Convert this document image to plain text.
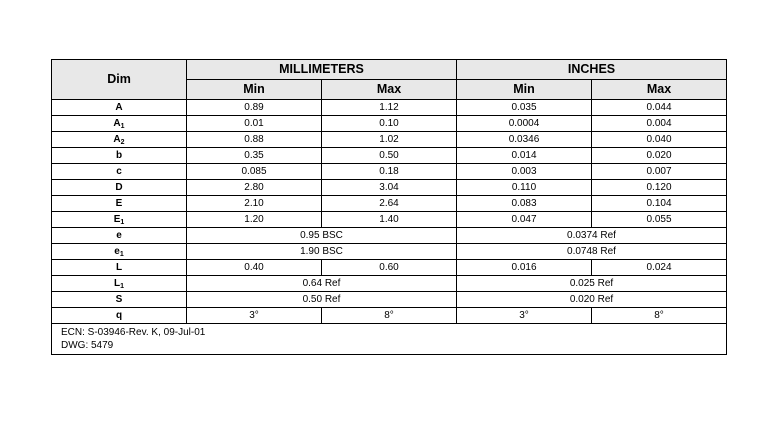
Dim	MILLIMETERS		INCHES	
	Min	Max	Min	Max
A	0.89	1.12	0.035	0.044
$A_1$	0.01	0.10	0.0004	0.004
$A_2$	0.88	1.02	0.0346	0.040
b	0.35	0.50	0.014	0.020
c	0.085	0.18	0.003	0.007
D	2.80	3.04	0.110	0.120
E	2.10	2.64	0.083	0.104
$E_1$	1.20	1.40	0.047	0.055
e	0.95 BSC		0.0374 Ref	
$e_1$	1.90 BSC		0.0748 Ref	
L	0.40	0.60	0.016	0.024
$L_1$	0.64 Ref		0.025 Ref	
S	0.50 Ref		0.020 Ref	
q	3°	8°	3°	8°

ECN: S-03946-Rev. K, 09-Jul-01
DWG: 5479				
